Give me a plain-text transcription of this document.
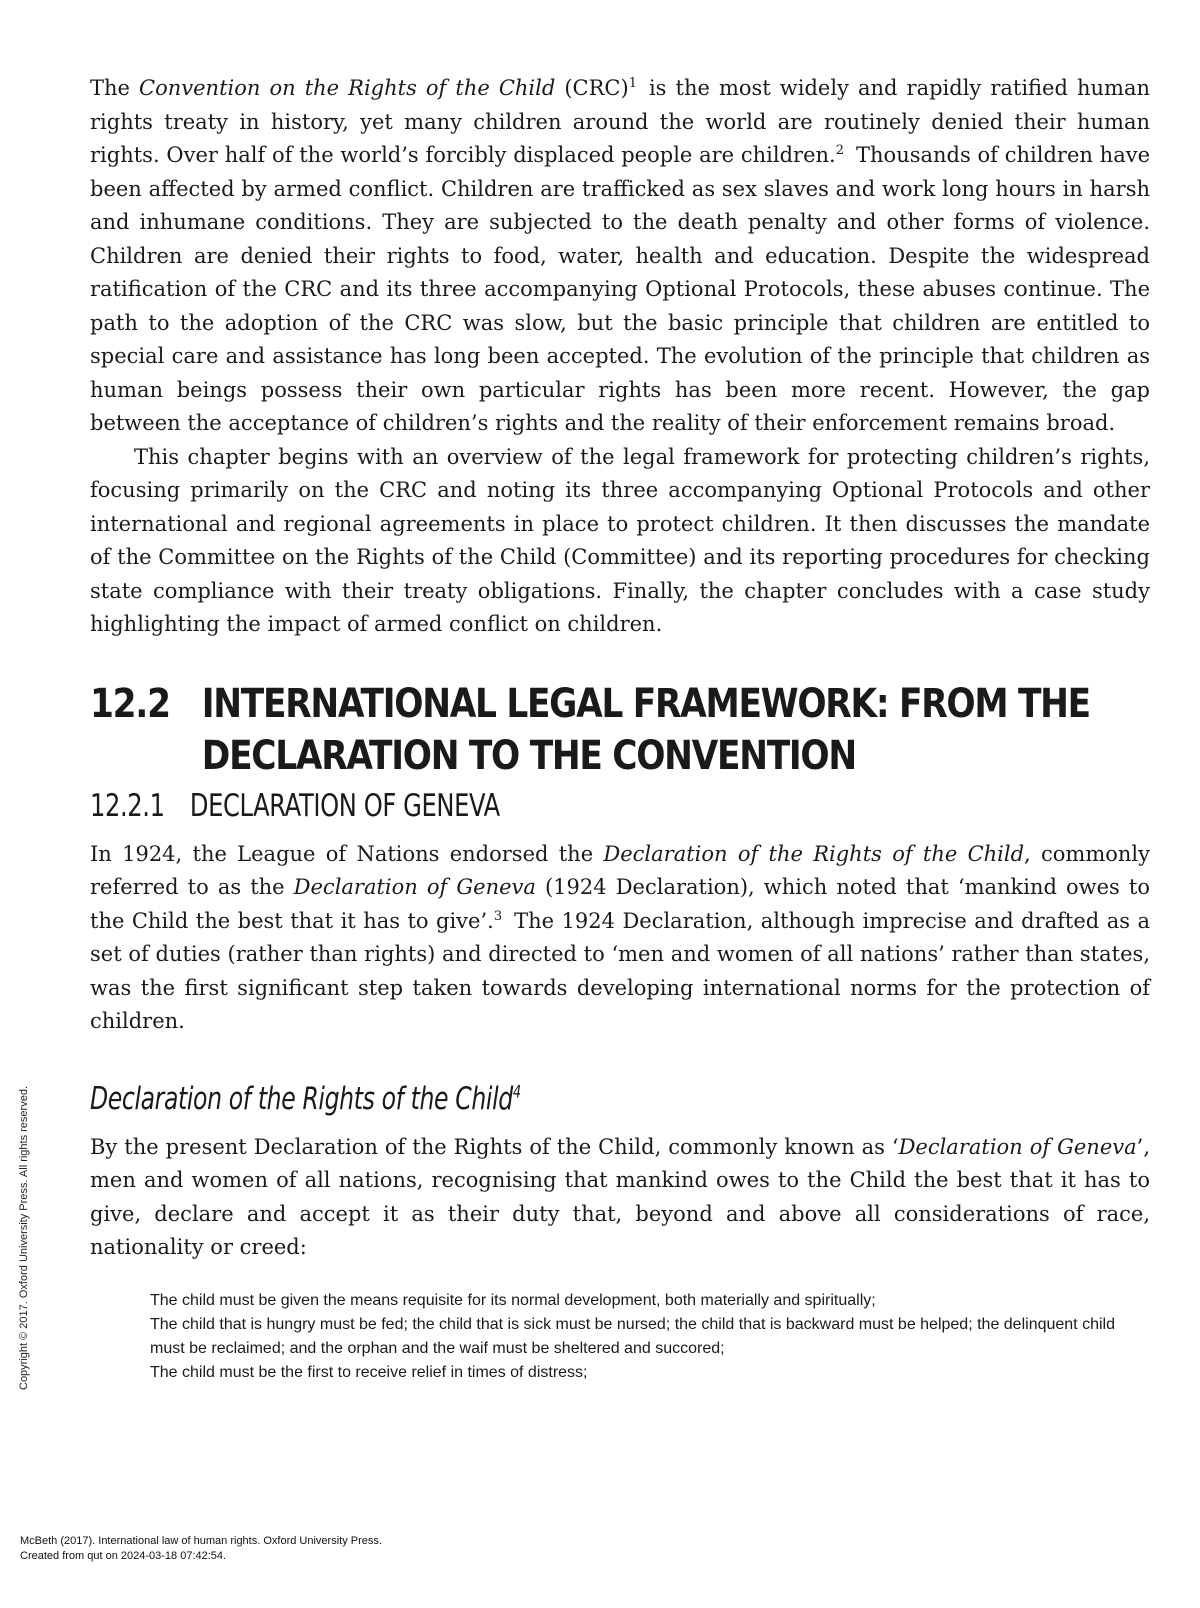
The Convention on the Rights of the Child (CRC)$^1$ is the most widely and rapidly ratified human rights treaty in history, yet many children around the world are routinely denied their human rights. Over half of the world’s forcibly displaced people are children.$^2$ Thousands of children have been affected by armed conflict. Children are trafficked as sex slaves and work long hours in harsh and inhumane conditions. They are subjected to the death penalty and other forms of violence. Children are denied their rights to food, water, health and education. Despite the widespread ratification of the CRC and its three accompanying Optional Protocols, these abuses continue. The path to the adoption of the CRC was slow, but the basic principle that children are entitled to special care and assistance has long been accepted. The evolution of the principle that children as human beings possess their own particular rights has been more recent. However, the gap between the acceptance of children’s rights and the reality of their enforcement remains broad.

This chapter begins with an overview of the legal framework for protecting children’s rights, focusing primarily on the CRC and noting its three accompanying Optional Protocols and other international and regional agreements in place to protect children. It then discusses the mandate of the Committee on the Rights of the Child (Committee) and its reporting procedures for checking state compliance with their treaty obligations. Finally, the chapter concludes with a case study highlighting the impact of armed conflict on children.

12.2 INTERNATIONAL LEGAL FRAMEWORK: FROM THE DECLARATION TO THE CONVENTION
12.2.1 DECLARATION OF GENEVA

In 1924, the League of Nations endorsed the Declaration of the Rights of the Child, commonly referred to as the Declaration of Geneva (1924 Declaration), which noted that ‘mankind owes to the Child the best that it has to give’.$^3$ The 1924 Declaration, although imprecise and drafted as a set of duties (rather than rights) and directed to ‘men and women of all nations’ rather than states, was the first significant step taken towards developing international norms for the protection of children.

Declaration of the Rights of the Child$^4$

By the present Declaration of the Rights of the Child, commonly known as ‘Declaration of Geneva’, men and women of all nations, recognising that mankind owes to the Child the best that it has to give, declare and accept it as their duty that, beyond and above all considerations of race, nationality or creed:

The child must be given the means requisite for its normal development, both materially and spiritually;

The child that is hungry must be fed; the child that is sick must be nursed; the child that is backward must be helped; the delinquent child must be reclaimed; and the orphan and the waif must be sheltered and succored;

The child must be the first to receive relief in times of distress;

Copyright © 2017. Oxford University Press. All rights reserved.
McBeth (2017). International law of human rights. Oxford University Press.
Created from qut on 2024-03-18 07:42:54.
